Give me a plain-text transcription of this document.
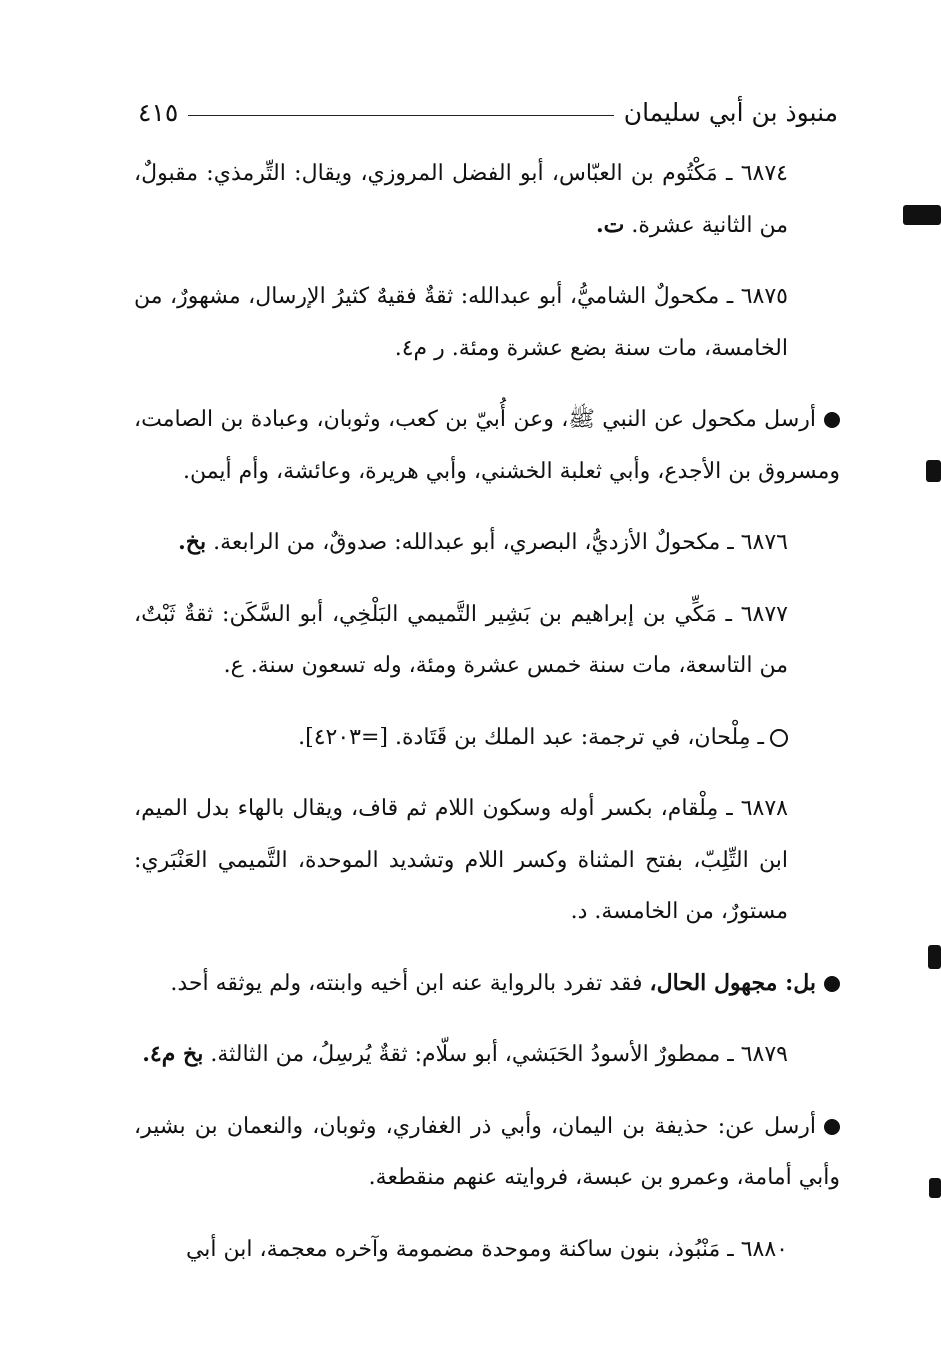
منبوذ بن أبي سليمان
٤١٥

٦٨٧٤ ـ مَكْتُوم بن العبّاس، أبو الفضل المروزي، ويقال: التِّرمذي: مقبولٌ، من الثانية عشرة. ت.

٦٨٧٥ ـ مكحولٌ الشاميُّ، أبو عبدالله: ثقةٌ فقيهٌ كثيرُ الإرسال، مشهورٌ، من الخامسة، مات سنة بضع عشرة ومئة. ر م٤.

أرسل مكحول عن النبي ﷺ، وعن أُبيّ بن كعب، وثوبان، وعبادة بن الصامت، ومسروق بن الأجدع، وأبي ثعلبة الخشني، وأبي هريرة، وعائشة، وأم أيمن.

٦٨٧٦ ـ مكحولٌ الأزديُّ، البصري، أبو عبدالله: صدوقٌ، من الرابعة. بخ.

٦٨٧٧ ـ مَكِّي بن إبراهيم بن بَشِير التَّميمي البَلْخِي، أبو السَّكَن: ثقةٌ ثَبْتٌ، من التاسعة، مات سنة خمس عشرة ومئة، وله تسعون سنة. ع.

ـ مِلْحان، في ترجمة: عبد الملك بن قَتَادة. [=٤٢٠٣].

٦٨٧٨ ـ مِلْقام، بكسر أوله وسكون اللام ثم قاف، ويقال بالهاء بدل الميم، ابن التِّلِبّ، بفتح المثناة وكسر اللام وتشديد الموحدة، التَّميمي العَنْبَري: مستورٌ، من الخامسة. د.

بل: مجهول الحال، فقد تفرد بالرواية عنه ابن أخيه وابنته، ولم يوثقه أحد.

٦٨٧٩ ـ ممطورٌ الأسودُ الحَبَشي، أبو سلّام: ثقةٌ يُرسِلُ، من الثالثة. بخ م٤.

أرسل عن: حذيفة بن اليمان، وأبي ذر الغفاري، وثوبان، والنعمان بن بشير، وأبي أمامة، وعمرو بن عبسة، فروايته عنهم منقطعة.

٦٨٨٠ ـ مَنْبُوذ، بنون ساكنة وموحدة مضمومة وآخره معجمة، ابن أبي
